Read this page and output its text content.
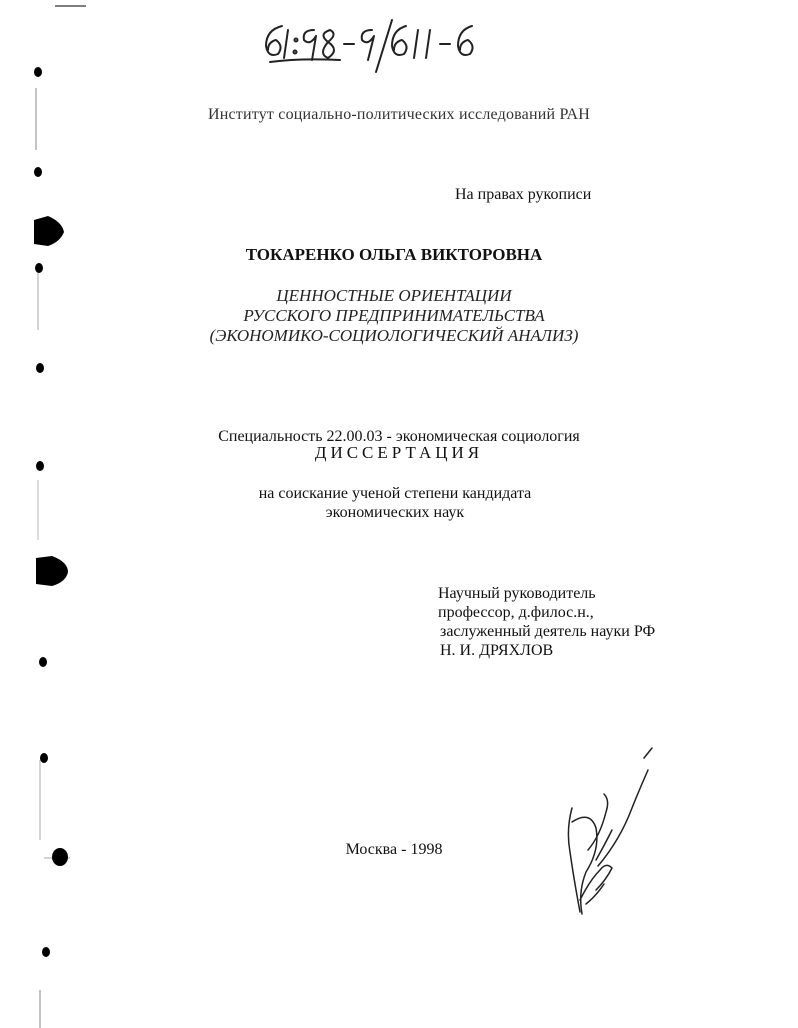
Институт социально-политических исследований РАН
На правах рукописи
ТОКАРЕНКО ОЛЬГА ВИКТОРОВНА
ЦЕННОСТНЫЕ ОРИЕНТАЦИИ
РУССКОГО ПРЕДПРИНИМАТЕЛЬСТВА
(ЭКОНОМИКО-СОЦИОЛОГИЧЕСКИЙ АНАЛИЗ)
Специальность 22.00.03 - экономическая социология
ДИССЕРТАЦИЯ
на соискание ученой степени кандидата
экономических наук
Научный руководитель
профессор, д.филос.н.,
заслуженный деятель науки РФ
Н. И. ДРЯХЛОВ
Москва - 1998
